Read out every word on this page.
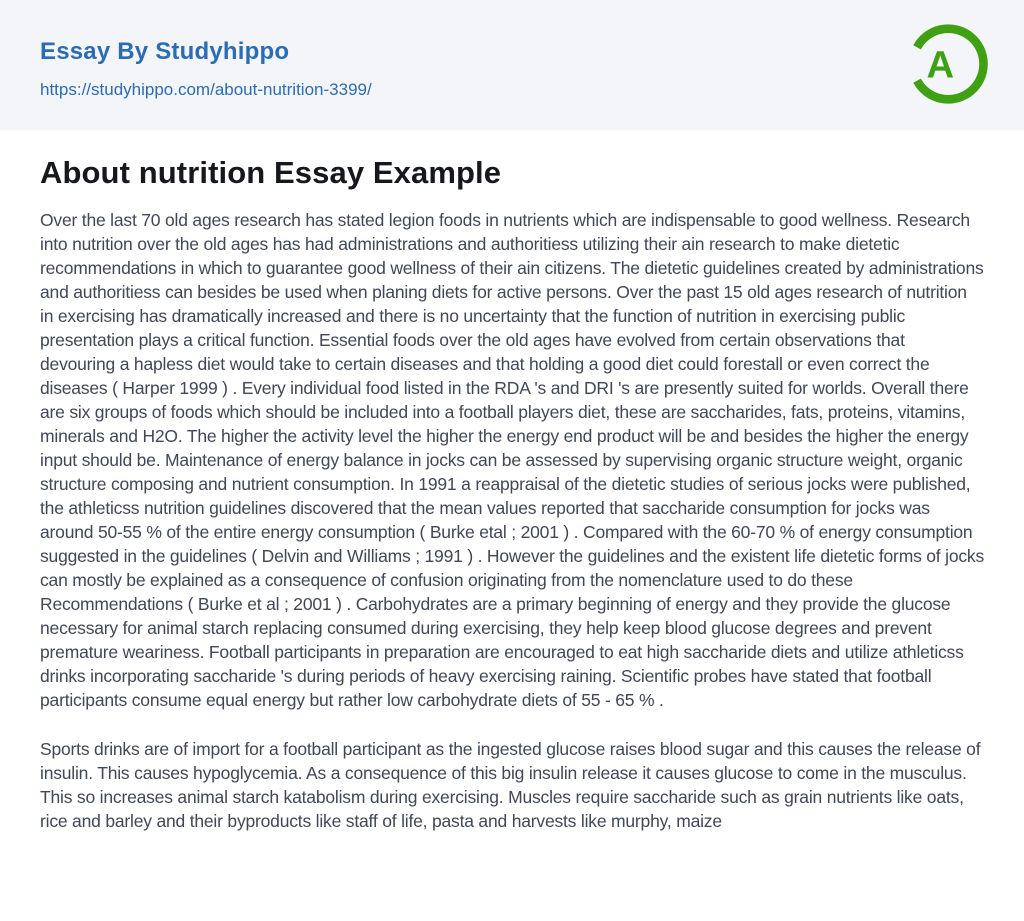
Essay By Studyhippo
https://studyhippo.com/about-nutrition-3399/
A
About nutrition Essay Example

Over the last 70 old ages research has stated legion foods in nutrients which are indispensable to good wellness. Research into nutrition over the old ages has had administrations and authoritiess utilizing their ain research to make dietetic recommendations in which to guarantee good wellness of their ain citizens. The dietetic guidelines created by administrations and authoritiess can besides be used when planing diets for active persons. Over the past 15 old ages research of nutrition in exercising has dramatically increased and there is no uncertainty that the function of nutrition in exercising public presentation plays a critical function. Essential foods over the old ages have evolved from certain observations that devouring a hapless diet would take to certain diseases and that holding a good diet could forestall or even correct the diseases ( Harper 1999 ) . Every individual food listed in the RDA 's and DRI 's are presently suited for worlds. Overall there are six groups of foods which should be included into a football players diet, these are saccharides, fats, proteins, vitamins, minerals and H2O. The higher the activity level the higher the energy end product will be and besides the higher the energy input should be. Maintenance of energy balance in jocks can be assessed by supervising organic structure weight, organic structure composing and nutrient consumption. In 1991 a reappraisal of the dietetic studies of serious jocks were published, the athleticss nutrition guidelines discovered that the mean values reported that saccharide consumption for jocks was around 50-55 % of the entire energy consumption ( Burke etal ; 2001 ) . Compared with the 60-70 % of energy consumption suggested in the guidelines ( Delvin and Williams ; 1991 ) . However the guidelines and the existent life dietetic forms of jocks can mostly be explained as a consequence of confusion originating from the nomenclature used to do these Recommendations ( Burke et al ; 2001 ) . Carbohydrates are a primary beginning of energy and they provide the glucose necessary for animal starch replacing consumed during exercising, they help keep blood glucose degrees and prevent premature weariness. Football participants in preparation are encouraged to eat high saccharide diets and utilize athleticss drinks incorporating saccharide 's during periods of heavy exercising raining. Scientific probes have stated that football participants consume equal energy but rather low carbohydrate diets of 55 - 65 % .

Sports drinks are of import for a football participant as the ingested glucose raises blood sugar and this causes the release of insulin. This causes hypoglycemia. As a consequence of this big insulin release it causes glucose to come in the musculus. This so increases animal starch katabolism during exercising. Muscles require saccharide such as grain nutrients like oats, rice and barley and their byproducts like staff of life, pasta and harvests like murphy, maize
